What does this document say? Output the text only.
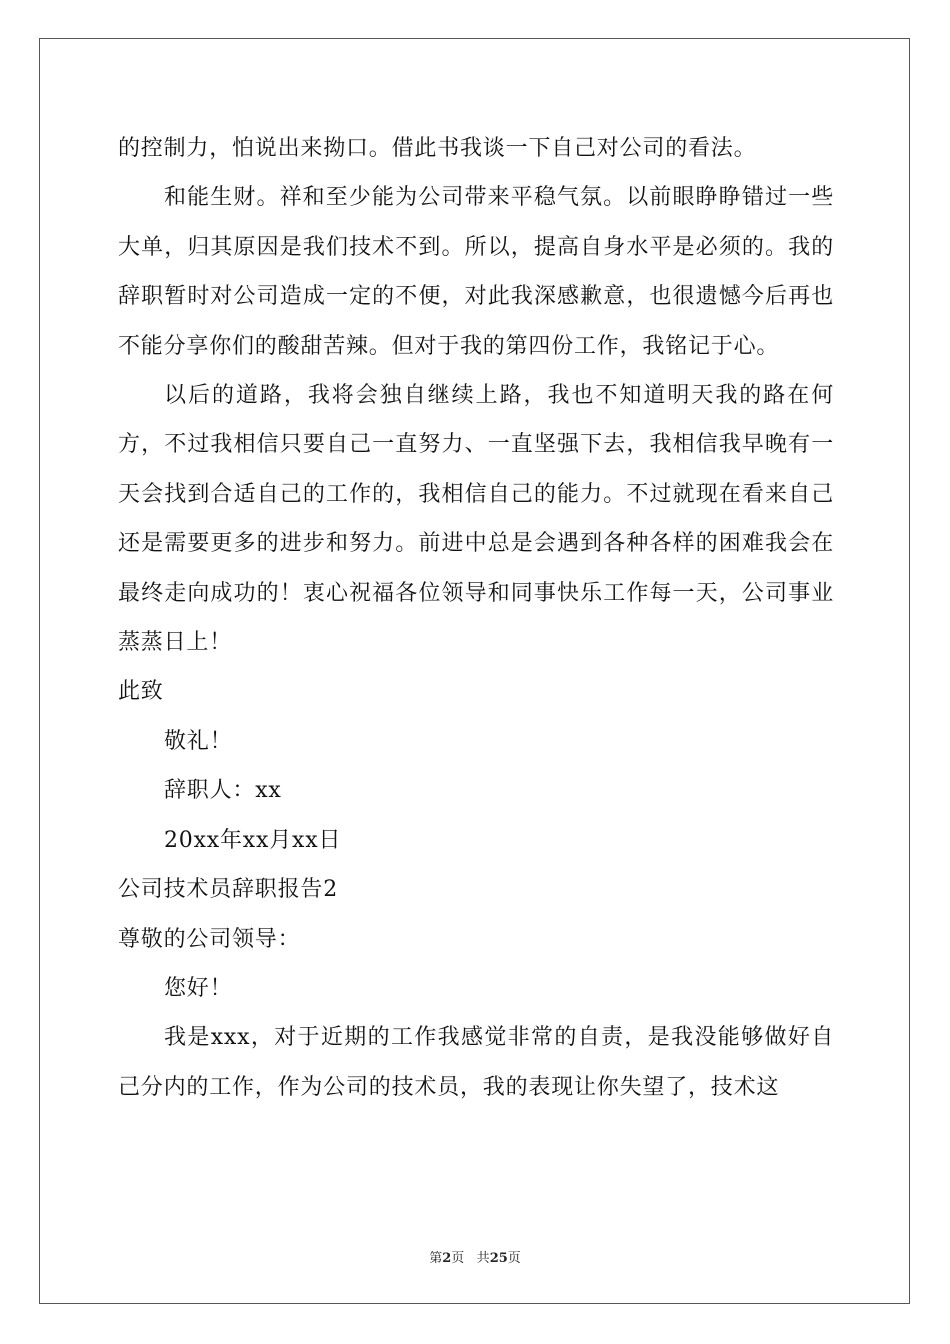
的控制力，怕说出来拗口。借此书我谈一下自己对公司的看法。

和能生财。祥和至少能为公司带来平稳气氛。以前眼睁睁错过一些大单，归其原因是我们技术不到。所以，提高自身水平是必须的。我的辞职暂时对公司造成一定的不便，对此我深感歉意，也很遗憾今后再也不能分享你们的酸甜苦辣。但对于我的第四份工作，我铭记于心。

以后的道路，我将会独自继续上路，我也不知道明天我的路在何方，不过我相信只要自己一直努力、一直坚强下去，我相信我早晚有一天会找到合适自己的工作的，我相信自己的能力。不过就现在看来自己还是需要更多的进步和努力。前进中总是会遇到各种各样的困难我会在最终走向成功的！衷心祝福各位领导和同事快乐工作每一天，公司事业蒸蒸日上！

此致

敬礼！

辞职人：xx

20xx年xx月xx日

公司技术员辞职报告2

尊敬的公司领导：

您好！

我是xxx，对于近期的工作我感觉非常的自责，是我没能够做好自己分内的工作，作为公司的技术员，我的表现让你失望了，技术这

第2页 共25页
